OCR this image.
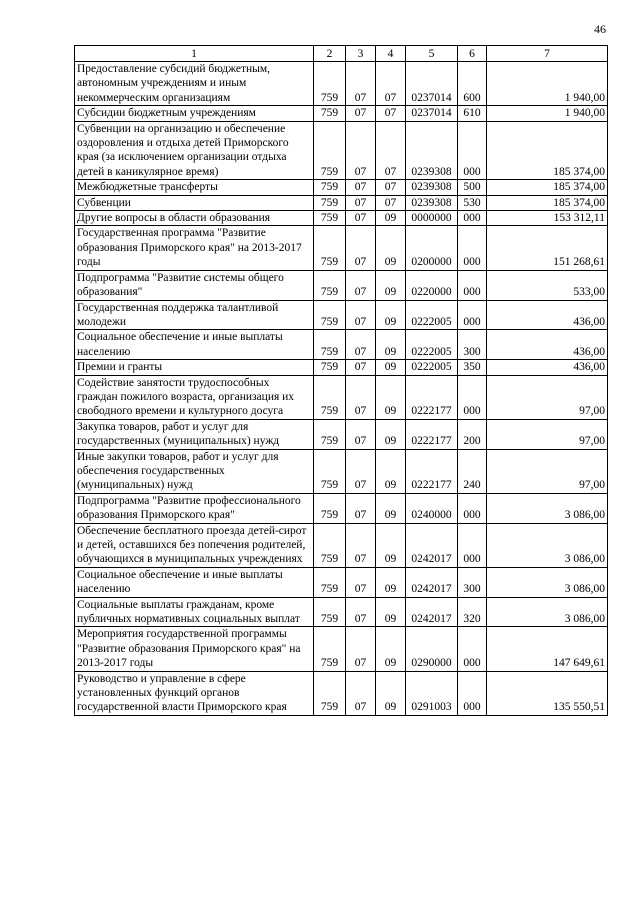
46
1	2	3	4	5	6	7
Предоставление субсидий бюджетным, автономным учреждениям и иным некоммерческим организациям	759	07	07	0237014	600	1 940,00
Субсидии бюджетным учреждениям	759	07	07	0237014	610	1 940,00
Субвенции на организацию и обеспечение оздоровления и отдыха детей Приморского края (за исключением организации отдыха детей в каникулярное время)	759	07	07	0239308	000	185 374,00
Межбюджетные трансферты	759	07	07	0239308	500	185 374,00
Субвенции	759	07	07	0239308	530	185 374,00
Другие вопросы в области образования	759	07	09	0000000	000	153 312,11
Государственная программа "Развитие образования Приморского края" на 2013-2017 годы	759	07	09	0200000	000	151 268,61
Подпрограмма "Развитие системы общего образования"	759	07	09	0220000	000	533,00
Государственная поддержка талантливой молодежи	759	07	09	0222005	000	436,00
Социальное обеспечение и иные выплаты населению	759	07	09	0222005	300	436,00
Премии и гранты	759	07	09	0222005	350	436,00
Содействие занятости трудоспособных граждан пожилого возраста, организация их свободного времени и культурного досуга	759	07	09	0222177	000	97,00
Закупка товаров, работ и услуг для государственных (муниципальных) нужд	759	07	09	0222177	200	97,00
Иные закупки товаров, работ и услуг для обеспечения государственных (муниципальных) нужд	759	07	09	0222177	240	97,00
Подпрограмма "Развитие профессионального образования Приморского края"	759	07	09	0240000	000	3 086,00
Обеспечение бесплатного проезда детей-сирот и детей, оставшихся без попечения родителей, обучающихся в муниципальных учреждениях	759	07	09	0242017	000	3 086,00
Социальное обеспечение и иные выплаты населению	759	07	09	0242017	300	3 086,00
Социальные выплаты гражданам, кроме публичных нормативных социальных выплат	759	07	09	0242017	320	3 086,00
Мероприятия государственной программы "Развитие образования Приморского края" на 2013-2017 годы	759	07	09	0290000	000	147 649,61
Руководство и управление в сфере установленных функций органов государственной власти Приморского края	759	07	09	0291003	000	135 550,51
